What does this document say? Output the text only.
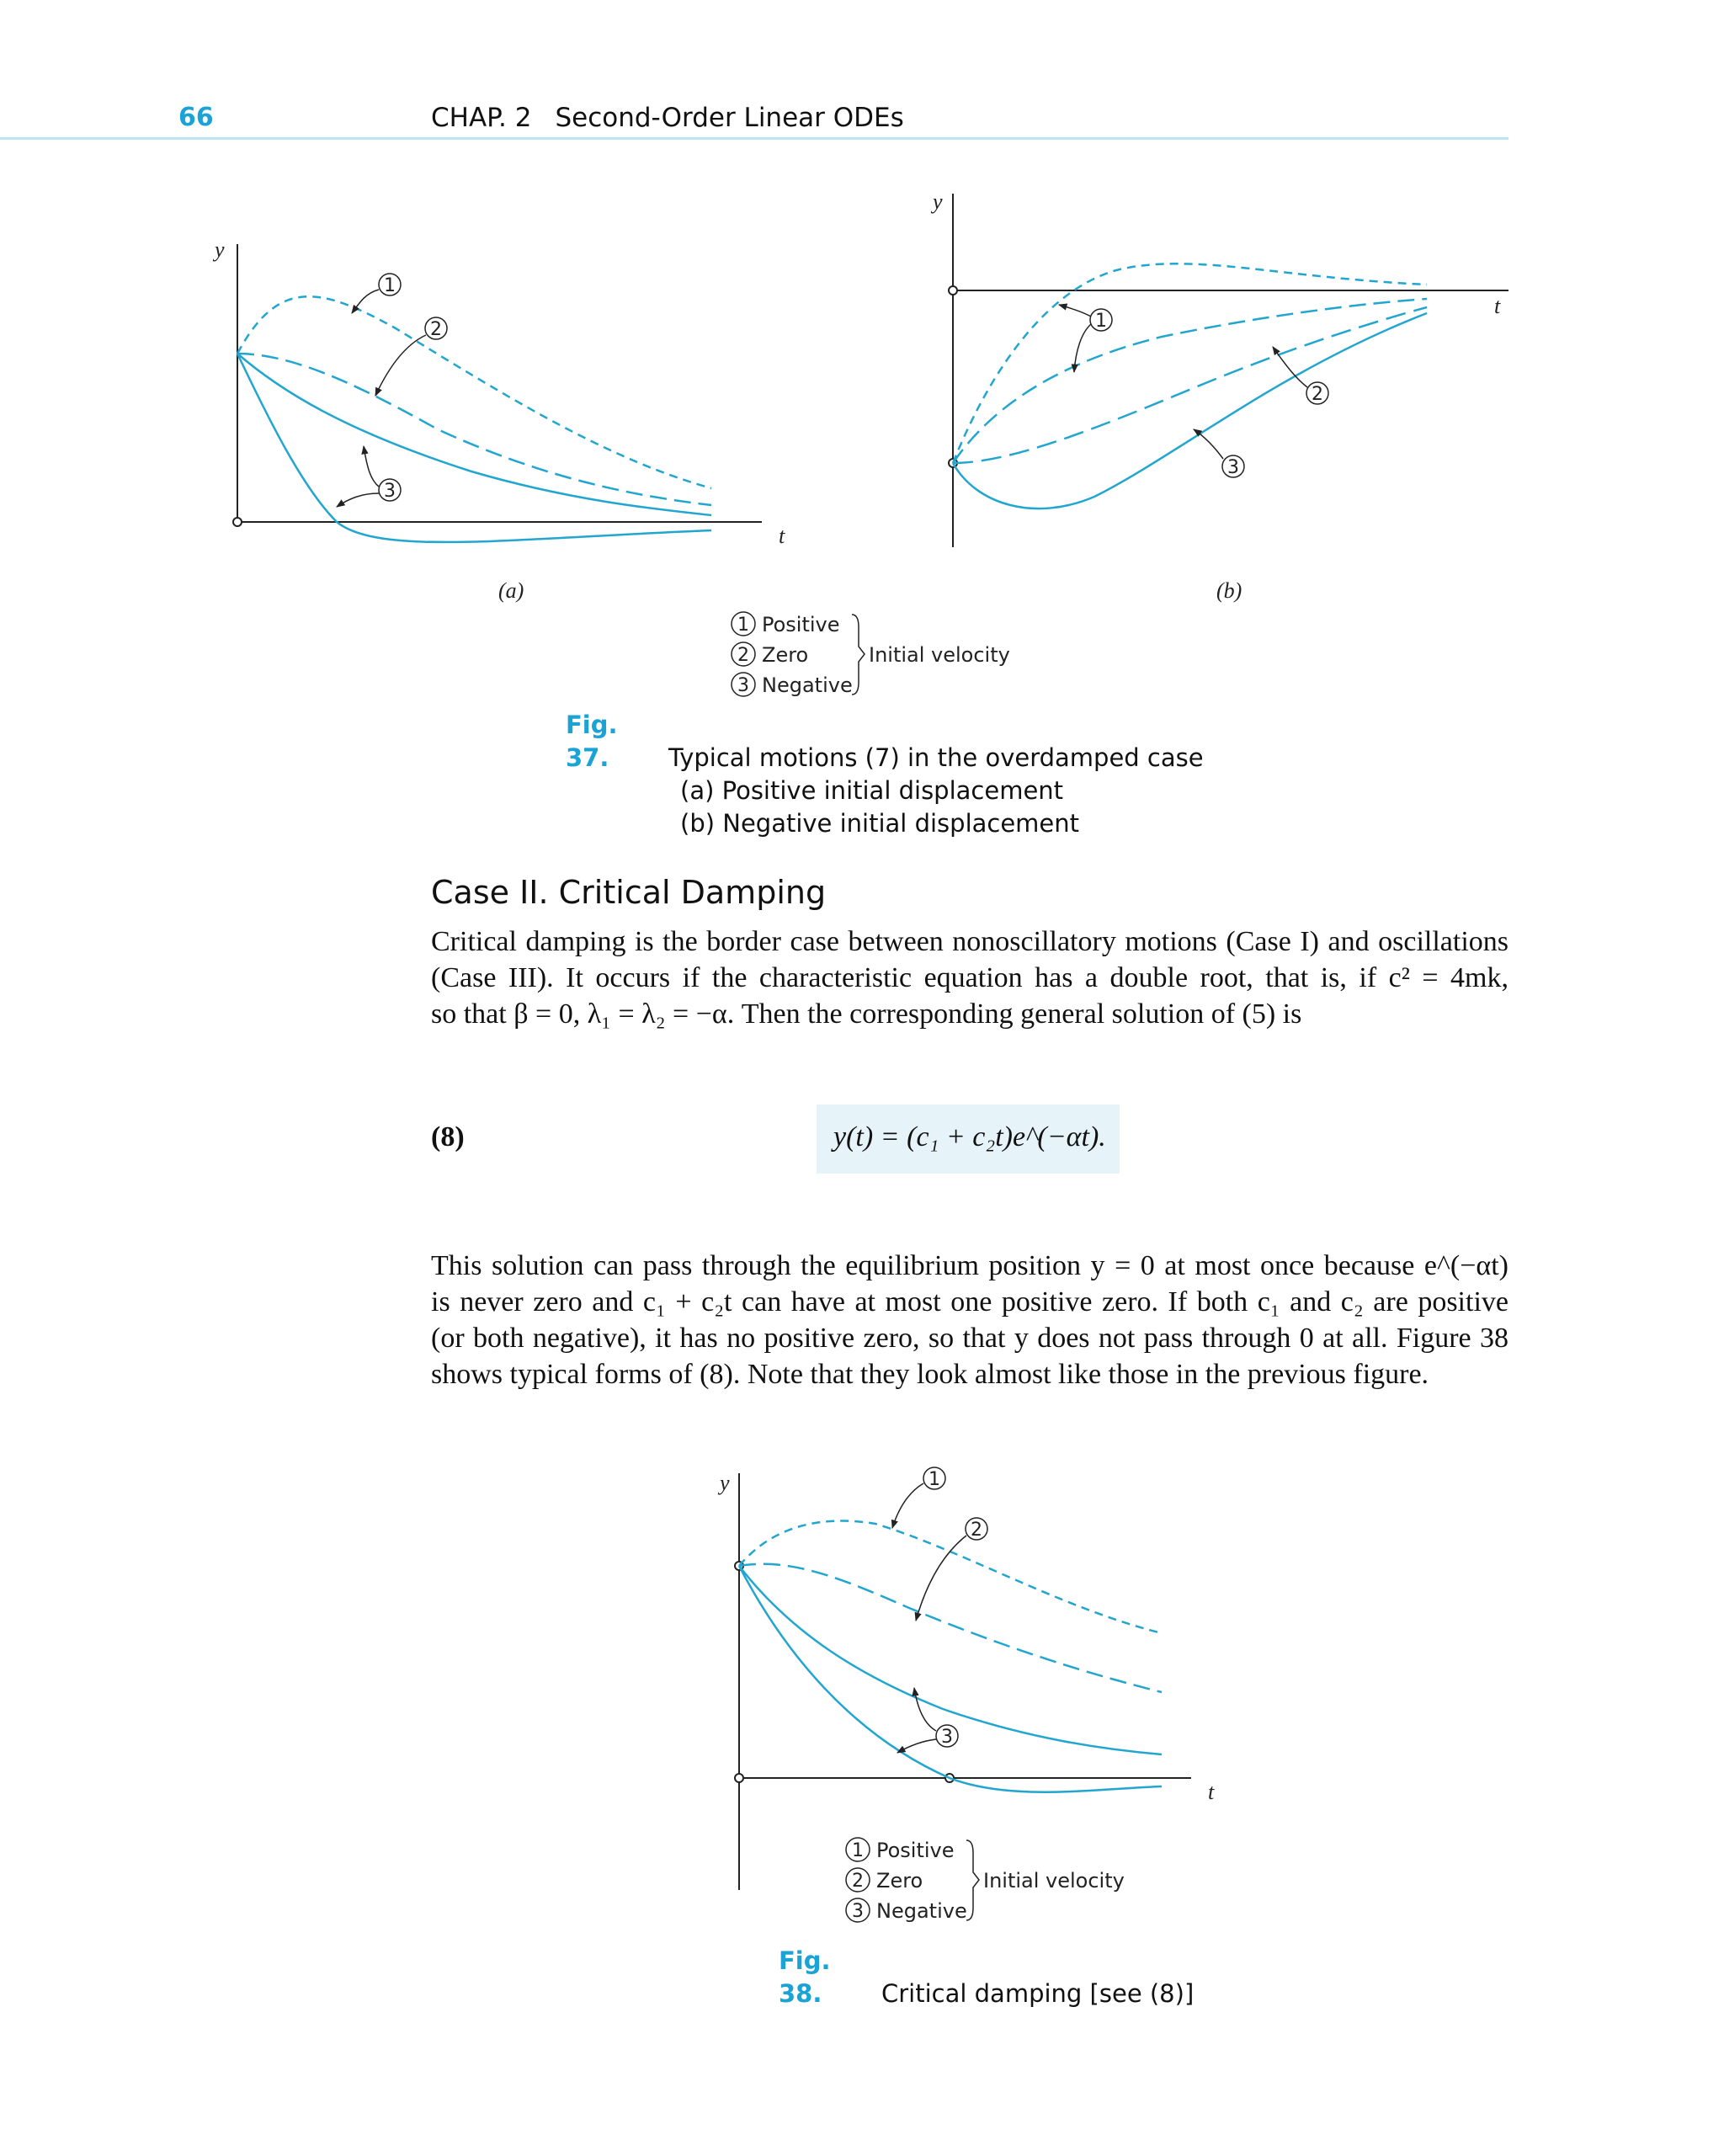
66	CHAP. 2 Second-Order Linear ODEs
y
t
1
2
3
(a)
y
t
1
2
3
(b)
1 Positive
2 Zero
3 Negative
Initial velocity
Fig. 37. Typical motions (7) in the overdamped case
(a) Positive initial displacement
(b) Negative initial displacement
Case II. Critical Damping
Critical damping is the border case between nonoscillatory motions (Case I) and oscillations
(Case III). It occurs if the characteristic equation has a double root, that is, if c² = 4mk,
so that β = 0, λ₁ = λ₂ = −α. Then the corresponding general solution of (5) is
(8)	y(t) = (c₁ + c₂t)e^(−αt).
This solution can pass through the equilibrium position y = 0 at most once because e^(−αt)
is never zero and c₁ + c₂t can have at most one positive zero. If both c₁ and c₂ are positive
(or both negative), it has no positive zero, so that y does not pass through 0 at all. Figure 38
shows typical forms of (8). Note that they look almost like those in the previous figure.
y
t
1
2
3
1 Positive
2 Zero
3 Negative
Initial velocity
Fig. 38. Critical damping [see (8)]
